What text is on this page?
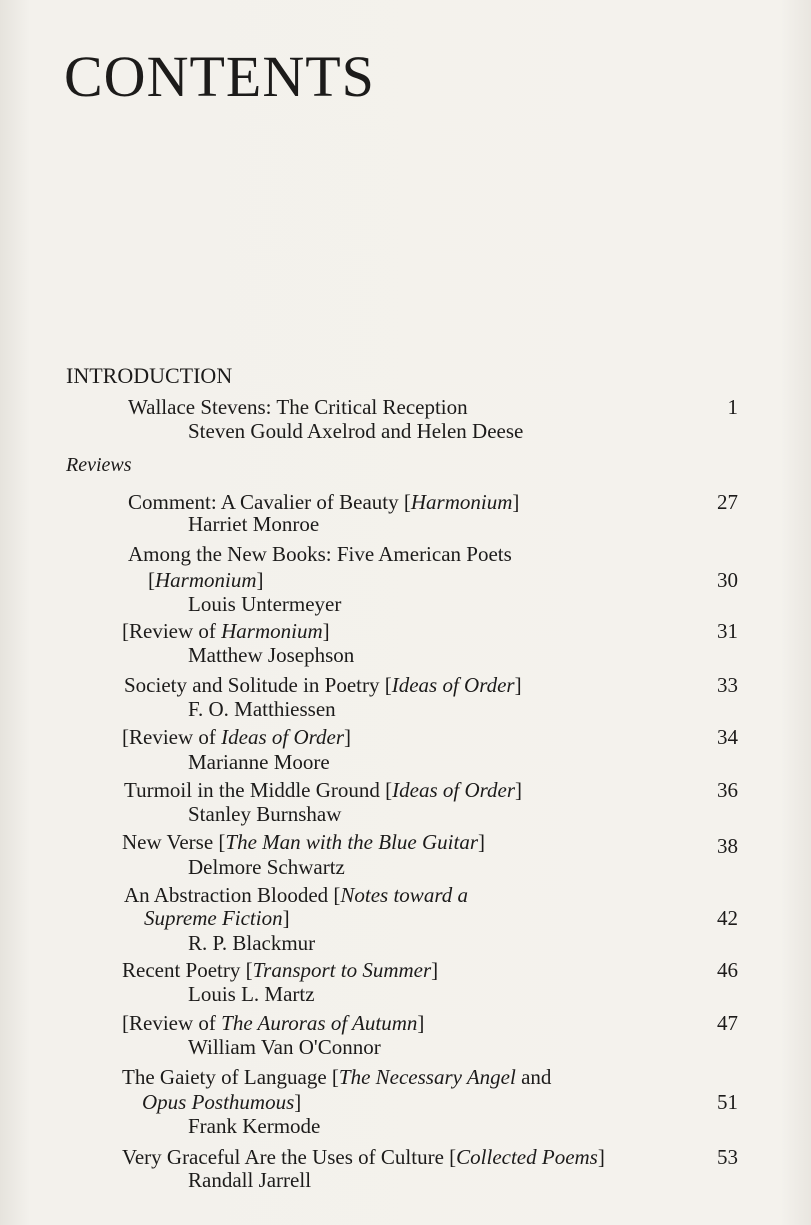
CONTENTS
INTRODUCTION
Reviews
Wallace Stevens: The Critical Reception	1
Steven Gould Axelrod and Helen Deese
Comment: A Cavalier of Beauty [Harmonium]	27
Harriet Monroe
Among the New Books: Five American Poets
[Harmonium]	30
Louis Untermeyer
[Review of Harmonium]	31
Matthew Josephson
Society and Solitude in Poetry [Ideas of Order]	33
F. O. Matthiessen
[Review of Ideas of Order]	34
Marianne Moore
Turmoil in the Middle Ground [Ideas of Order]	36
Stanley Burnshaw
New Verse [The Man with the Blue Guitar]	38
Delmore Schwartz
An Abstraction Blooded [Notes toward a
Supreme Fiction]	42
R. P. Blackmur
Recent Poetry [Transport to Summer]	46
Louis L. Martz
[Review of The Auroras of Autumn]	47
William Van O'Connor
The Gaiety of Language [The Necessary Angel and
Opus Posthumous]	51
Frank Kermode
Very Graceful Are the Uses of Culture [Collected Poems]	53
Randall Jarrell
